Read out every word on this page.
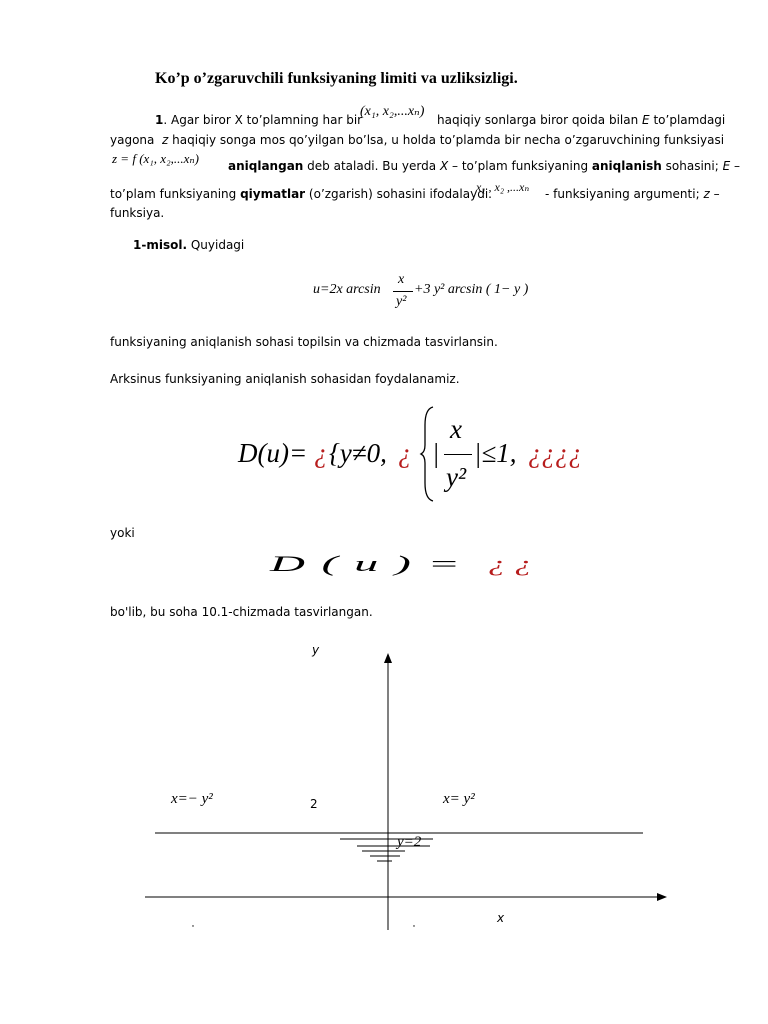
Ko’p o’zgaruvchili funksiyaning limiti va uzliksizligi.
1. Agar biror X to’plamning har bir
(x₁, x₂,...xₙ)
haqiqiy sonlarga biror qoida bilan E to’plamdagi
yagona z haqiqiy songa mos qo’yilgan bo’lsa, u holda to’plamda bir necha o’zgaruvchining funksiyasi
z = f (x₁, x₂,...xₙ) aniqlangan deb ataladi. Bu yerda X – to’plam funksiyaning aniqlanish sohasini; E –
to’plam funksiyaning qiymatlar (o’zgarish) sohasini ifodalaydi.
x₁ , x₂ ,...xₙ - funksiyaning argumenti; z –
funksiya.
1-misol. Quyidagi
u=2x arcsin
x
y²
+3 y² arcsin ( 1− y )
funksiyaning aniqlanish sohasi topilsin va chizmada tasvirlansin.
Arksinus funksiyaning aniqlanish sohasidan foydalanamiz.
D(u)= ¿ {y≠0, ¿ |
x
y²
|≤1, ¿¿¿¿
yoki
D ( u ) = ¿ ¿
bo'lib, bu soha 10.1-chizmada tasvirlangan.
y
x=− y²	2	x= y²
y=2
x
